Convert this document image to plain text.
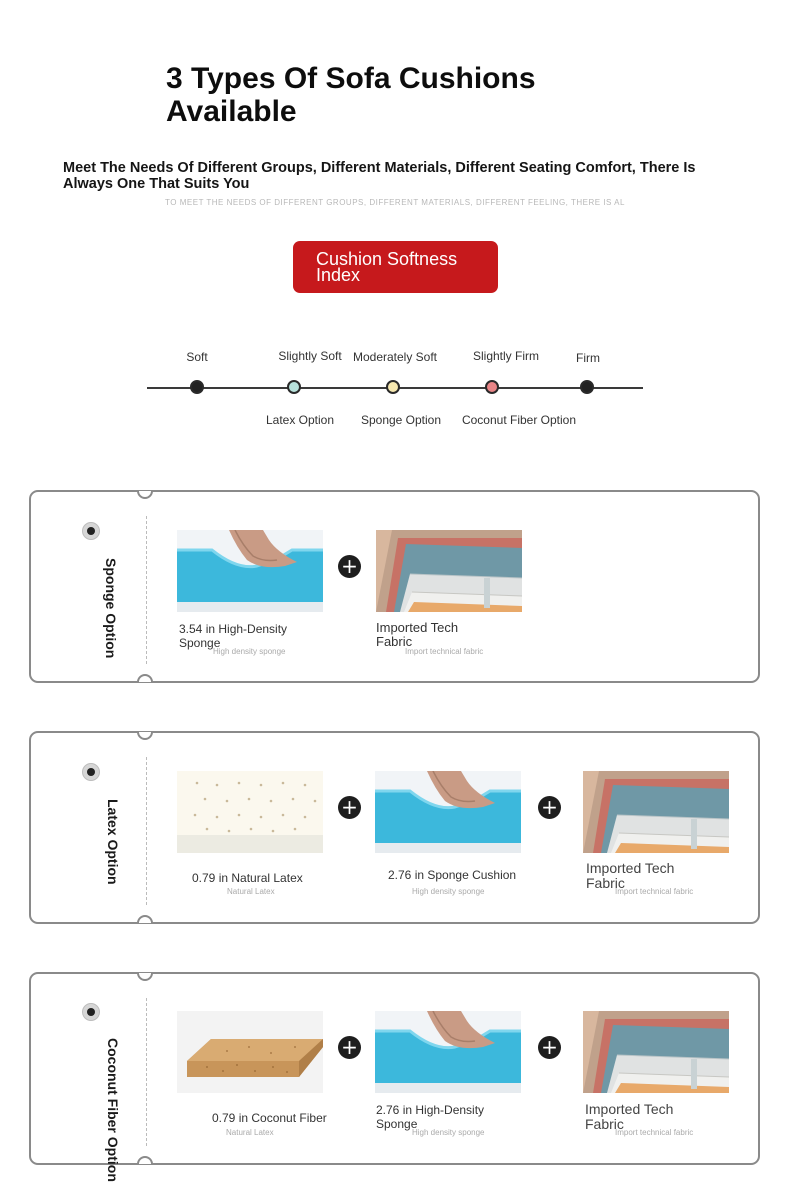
3 Types Of Sofa Cushions Available
Meet The Needs Of Different Groups, Different Materials, Different Seating Comfort, There Is Always One That Suits You
TO MEET THE NEEDS OF DIFFERENT GROUPS, DIFFERENT MATERIALS, DIFFERENT FEELING, THERE IS AL
Cushion Softness Index
Soft	Slightly Soft Moderately Soft	Slightly Firm	Firm
Latex Option Sponge Option Coconut Fiber Option
Sponge Option	3.54 in High-Density Sponge
High density sponge
+
Imported Tech Fabric
Import technical fabric
Latex Option	0.79 in Natural Latex
Natural Latex
+
2.76 in Sponge Cushion
High density sponge
+
Imported Tech Fabric
Import technical fabric
Coconut Fiber Option	0.79 in Coconut Fiber
Natural Latex
+
2.76 in High-Density Sponge
High density sponge
+
Imported Tech Fabric
Import technical fabric
